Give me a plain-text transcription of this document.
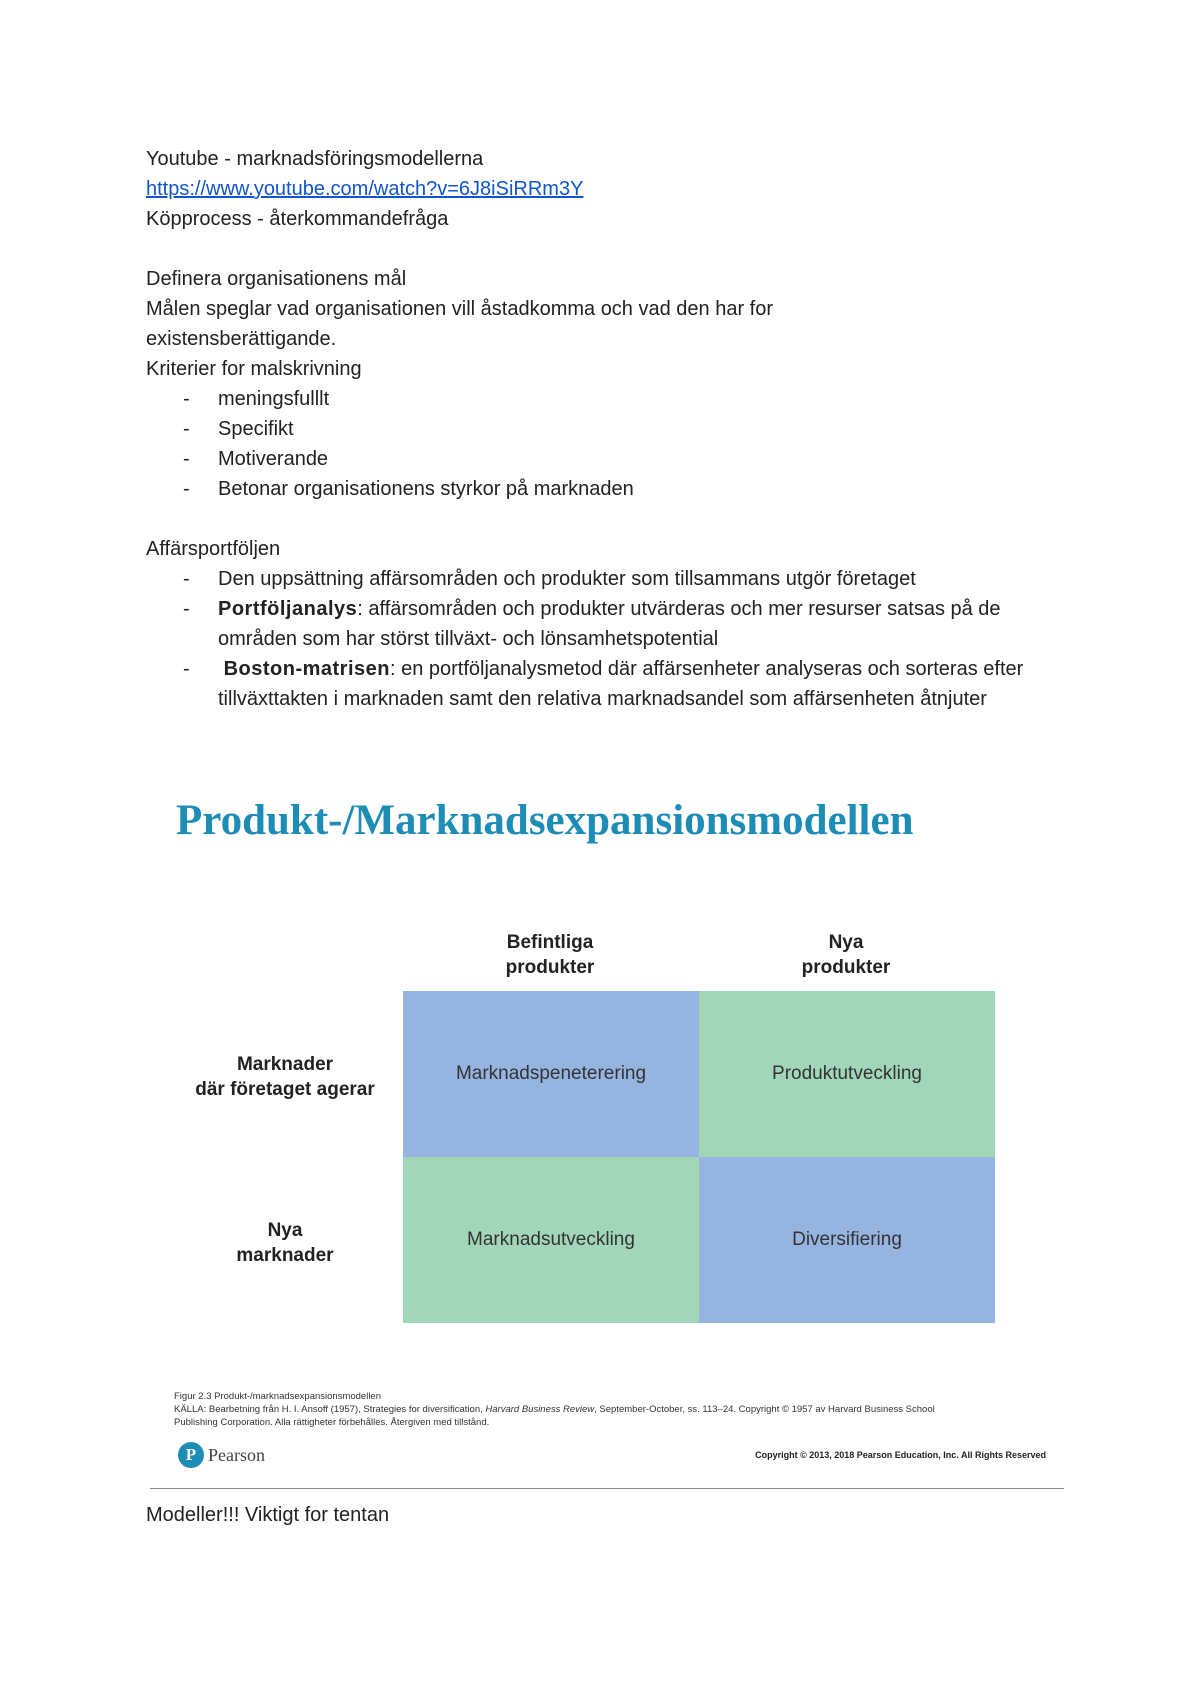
Youtube - marknadsföringsmodellerna
https://www.youtube.com/watch?v=6J8iSiRRm3Y
Köpprocess - återkommandefråga
Definera organisationens mål
Målen speglar vad organisationen vill åstadkomma och vad den har for
existensberättigande.
Kriterier for malskrivning
- meningsfulllt
- Specifikt
- Motiverande
- Betonar organisationens styrkor på marknaden
Affärsportföljen
- Den uppsättning affärsområden och produkter som tillsammans utgör företaget
- Portföljanalys: affärsområden och produkter utvärderas och mer resurser satsas på de områden som har störst tillväxt- och lönsamhetspotential
- Boston-matrisen: en portföljanalysmetod där affärsenheter analyseras och sorteras efter tillväxttakten i marknaden samt den relativa marknadsandel som affärsenheten åtnjuter
Produkt-/Marknadsexpansionsmodellen
Befintliga
produkter
Nya
produkter
Marknader
där företaget agerar
Nya
marknader
Marknadspeneterering	Produktutveckling
Marknadsutveckling	Diversifiering
Figur 2.3 Produkt-/marknadsexpansionsmodellen
KÄLLA: Bearbetning från H. I. Ansoff (1957), Strategies for diversification, Harvard Business Review, September-October, ss. 113–24. Copyright © 1957 av Harvard Business School
Publishing Corporation. Alla rättigheter förbehålles. Återgiven med tillstånd.
P Pearson	Copyright © 2013, 2018 Pearson Education, Inc. All Rights Reserved
Modeller!!! Viktigt for tentan
